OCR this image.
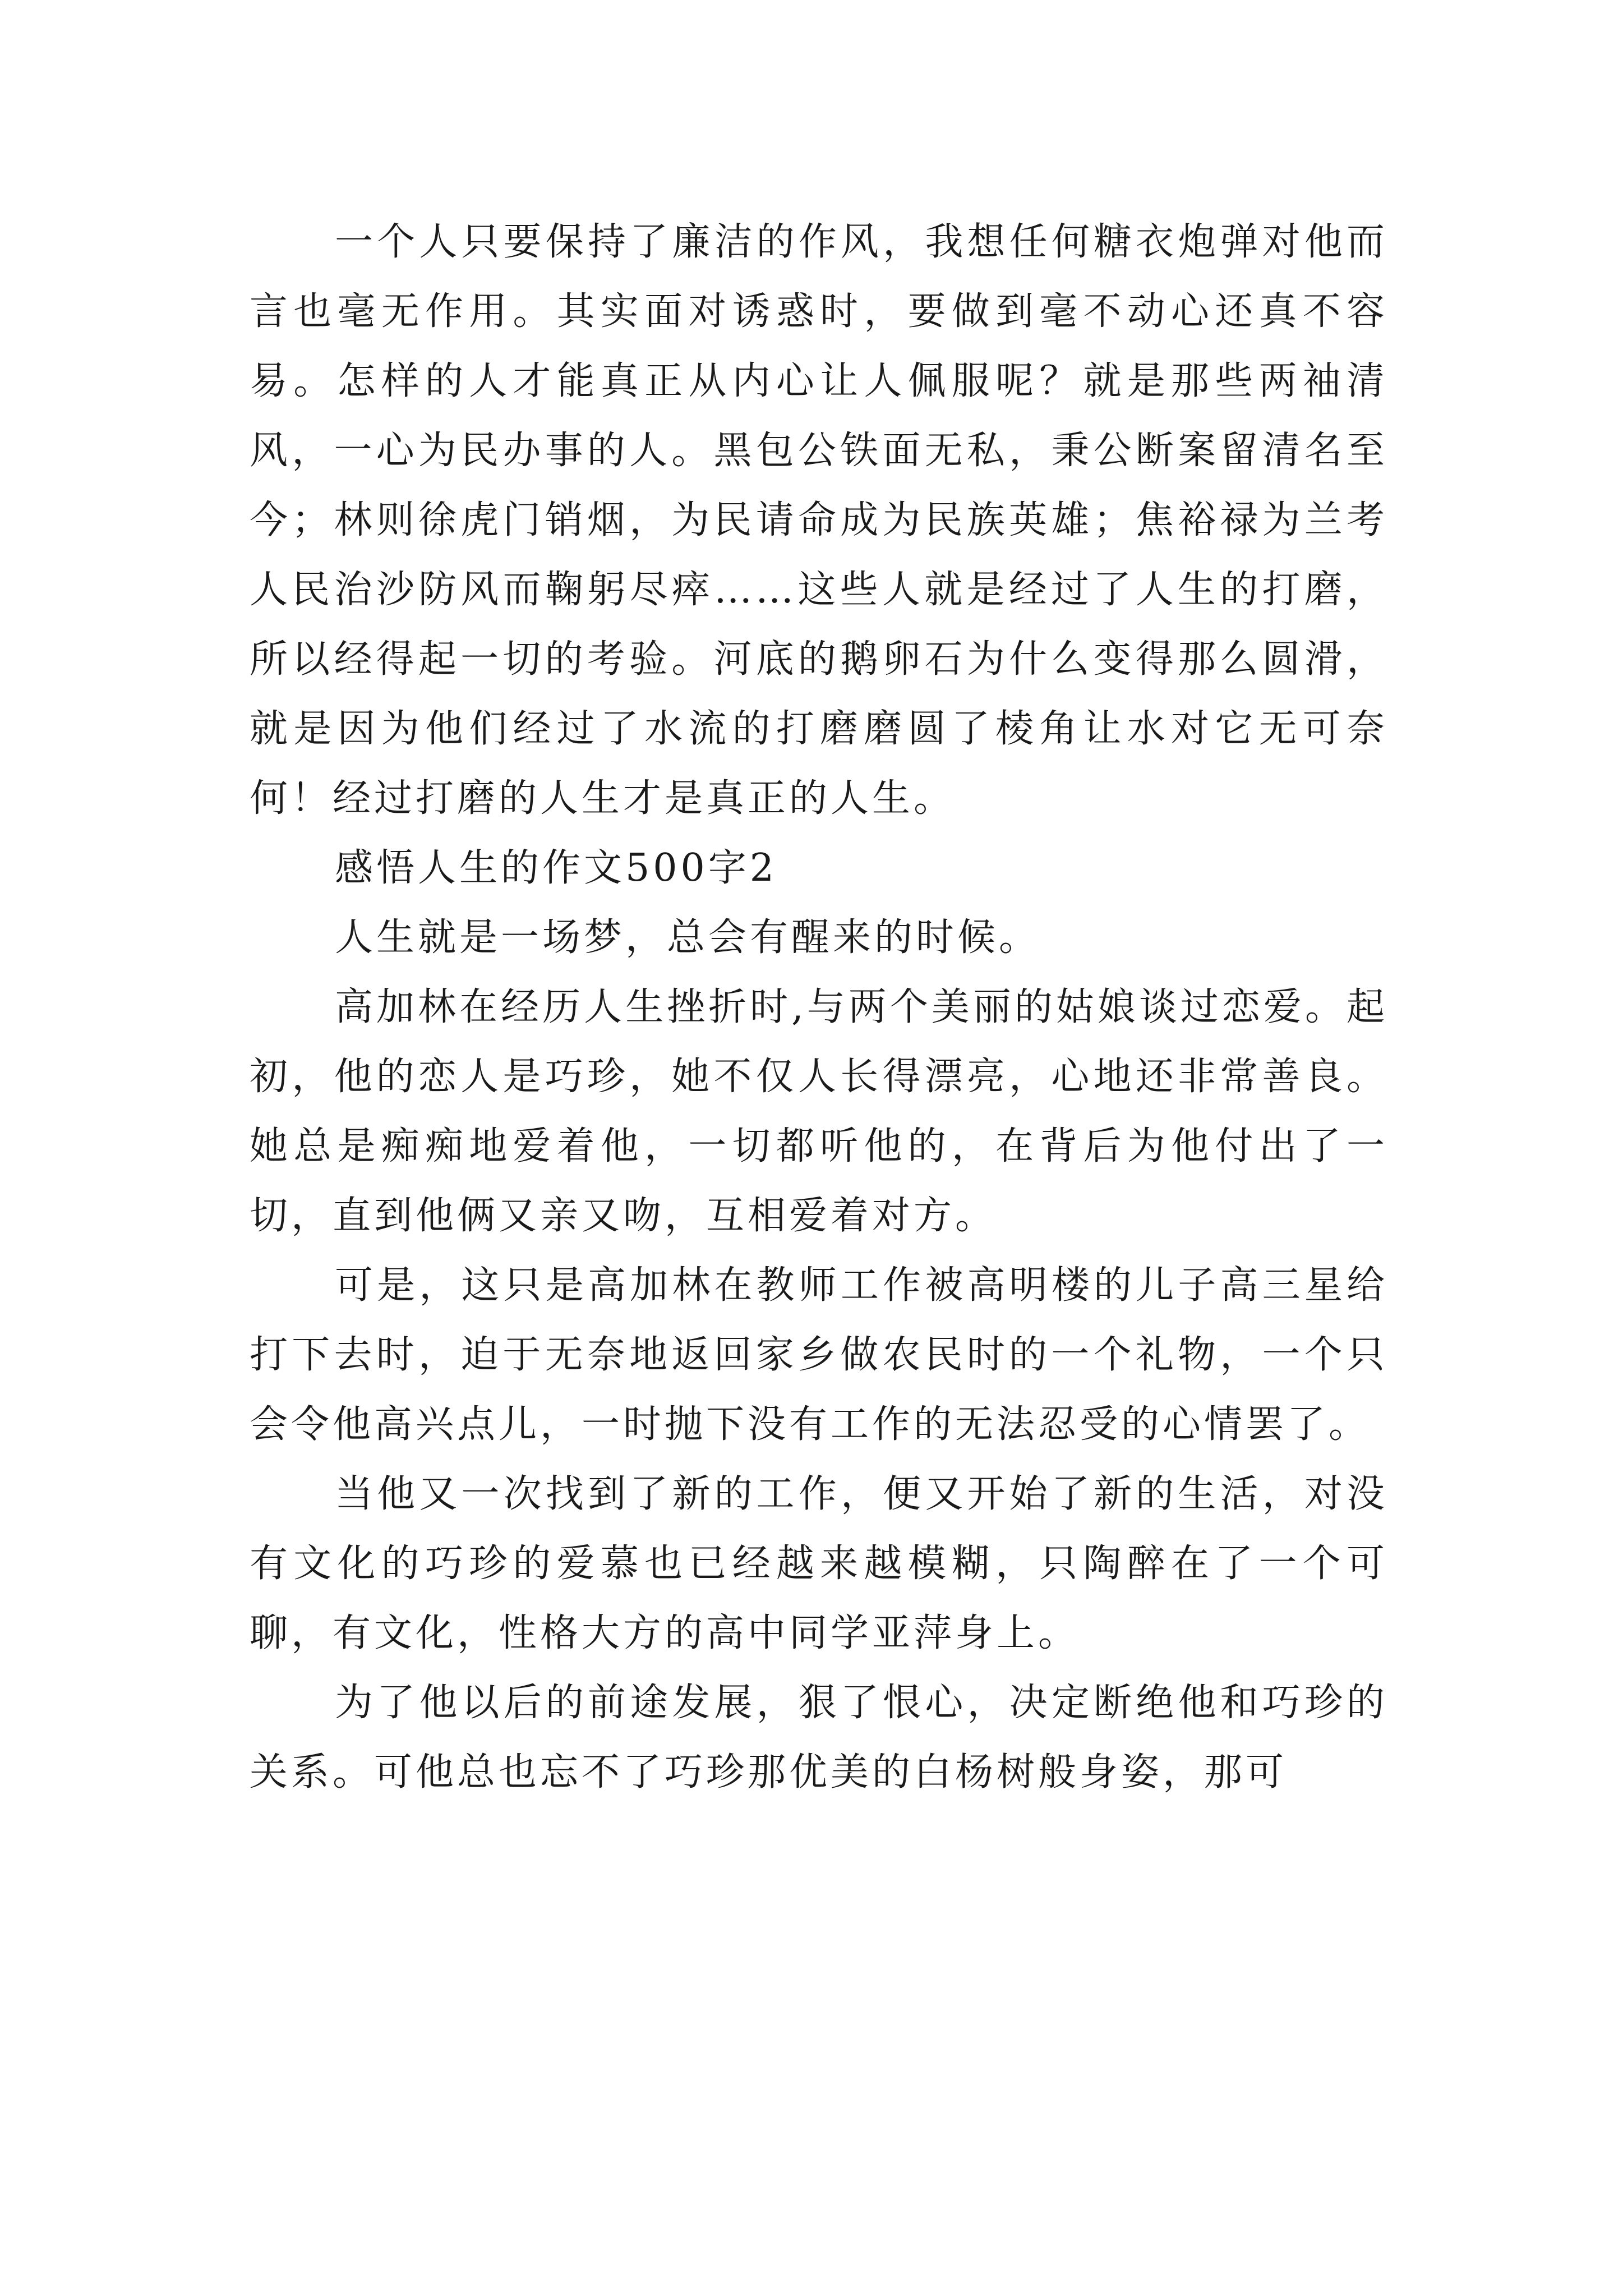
一个人只要保持了廉洁的作风，我想任何糖衣炮弹对他而言也毫无作用。其实面对诱惑时，要做到毫不动心还真不容易。怎样的人才能真正从内心让人佩服呢？就是那些两袖清风，一心为民办事的人。黑包公铁面无私，秉公断案留清名至今；林则徐虎门销烟，为民请命成为民族英雄；焦裕禄为兰考人民治沙防风而鞠躬尽瘁……这些人就是经过了人生的打磨，所以经得起一切的考验。河底的鹅卵石为什么变得那么圆滑，就是因为他们经过了水流的打磨磨圆了棱角让水对它无可奈何！经过打磨的人生才是真正的人生。

感悟人生的作文500字2

人生就是一场梦，总会有醒来的时候。

高加林在经历人生挫折时,与两个美丽的姑娘谈过恋爱。起初，他的恋人是巧珍，她不仅人长得漂亮，心地还非常善良。她总是痴痴地爱着他，一切都听他的，在背后为他付出了一切，直到他俩又亲又吻，互相爱着对方。

可是，这只是高加林在教师工作被高明楼的儿子高三星给打下去时，迫于无奈地返回家乡做农民时的一个礼物，一个只会令他高兴点儿，一时抛下没有工作的无法忍受的心情罢了。

当他又一次找到了新的工作，便又开始了新的生活，对没有文化的巧珍的爱慕也已经越来越模糊，只陶醉在了一个可聊，有文化，性格大方的高中同学亚萍身上。

为了他以后的前途发展，狠了恨心，决定断绝他和巧珍的关系。可他总也忘不了巧珍那优美的白杨树般身姿，那可
